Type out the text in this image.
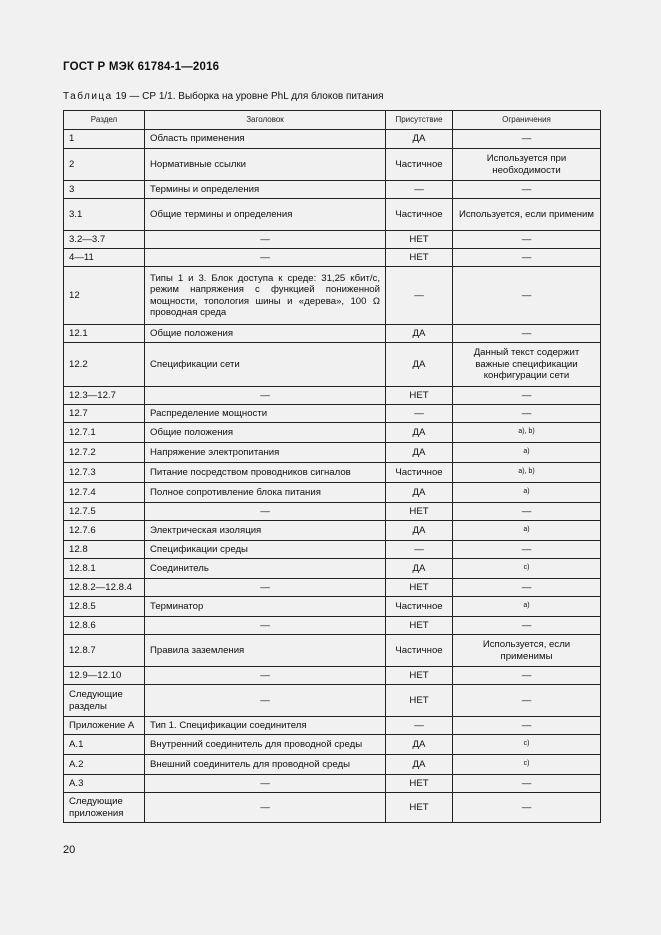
ГОСТ Р МЭК 61784-1—2016
Таблица 19 — СР 1/1. Выборка на уровне PhL для блоков питания
Раздел	Заголовок	Присутствие	Ограничения
1	Область применения	ДА	—
2	Нормативные ссылки	Частичное	Используется при необходимости
3	Термины и определения	—	—
3.1	Общие термины и определения	Частичное	Используется, если применим
3.2—3.7	—	НЕТ	—
4—11	—	НЕТ	—
12	Типы 1 и 3. Блок доступа к среде: 31,25 кбит/с, режим напряжения с функцией пониженной мощности, топология шины и «дерева», 100 Ω проводная среда	—	—
12.1	Общие положения	ДА	—
12.2	Спецификации сети	ДА	Данный текст содержит важные спецификации конфигурации сети
12.3—12.7	—	НЕТ	—
12.7	Распределение мощности	—	—
12.7.1	Общие положения	ДА	a), b)
12.7.2	Напряжение электропитания	ДА	a)
12.7.3	Питание посредством проводников сигналов	Частичное	a), b)
12.7.4	Полное сопротивление блока питания	ДА	a)
12.7.5	—	НЕТ	—
12.7.6	Электрическая изоляция	ДА	a)
12.8	Спецификации среды	—	—
12.8.1	Соединитель	ДА	c)
12.8.2—12.8.4	—	НЕТ	—
12.8.5	Терминатор	Частичное	a)
12.8.6	—	НЕТ	—
12.8.7	Правила заземления	Частичное	Используется, если применимы
12.9—12.10	—	НЕТ	—
Следующие разделы	—	НЕТ	—
Приложение А	Тип 1. Спецификации соединителя	—	—
А.1	Внутренний соединитель для проводной среды	ДА	c)
А.2	Внешний соединитель для проводной среды	ДА	c)
А.3	—	НЕТ	—
Следующие приложения	—	НЕТ	—
20
